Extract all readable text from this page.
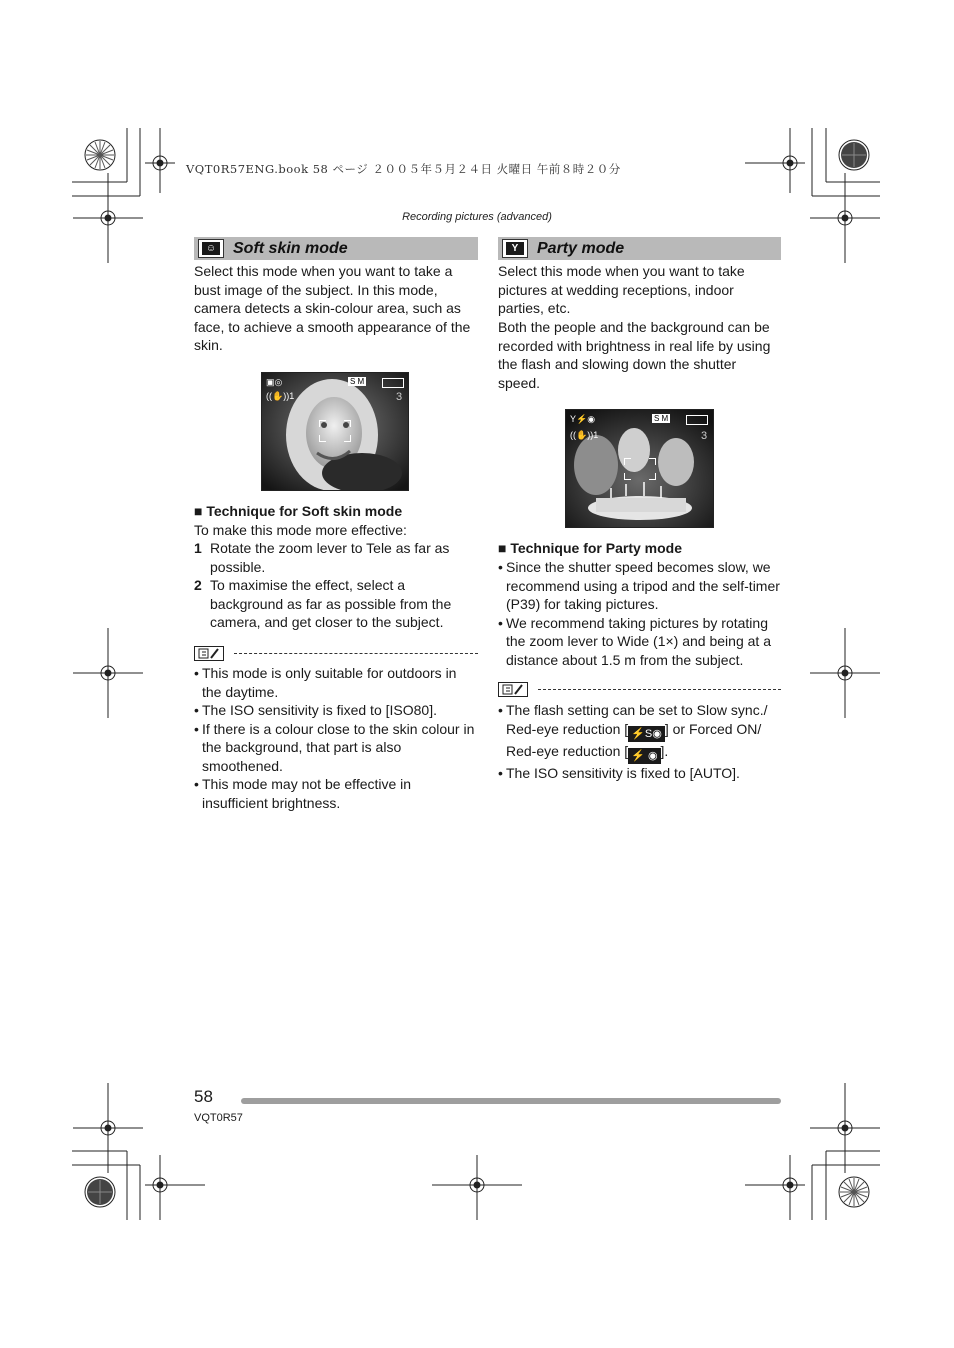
VQT0R57ENG.book 58 ページ ２００５年５月２４日 火曜日 午前８時２０分
Recording pictures (advanced)
☺ Soft skin mode

Select this mode when you want to take a bust image of the subject. In this mode, camera detects a skin-colour area, such as face, to achieve a smooth appearance of the skin.

▣◎	S M
((✋))1	3
■ Technique for Soft skin mode
To make this mode more effective:
1 Rotate the zoom lever to Tele as far as possible.
2 To maximise the effect, select a background as far as possible from the camera, and get closer to the subject.
• This mode is only suitable for outdoors in the daytime.
• The ISO sensitivity is fixed to [ISO80].
• If there is a colour close to the skin colour in the background, that part is also smoothened.
• This mode may not be effective in insufficient brightness.
Y	Party mode

Select this mode when you want to take pictures at wedding receptions, indoor parties, etc.

Both the people and the background can be recorded with brightness in real life by using the flash and slowing down the shutter speed.

Y⚡◉	S M
((✋))1	3
■ Technique for Party mode
• Since the shutter speed becomes slow, we recommend using a tripod and the self-timer (P39) for taking pictures.
• We recommend taking pictures by rotating the zoom lever to Wide (1×) and being at a distance about 1.5 m from the subject.
• The flash setting can be set to Slow sync./ Red-eye reduction [ ⚡S◉ ] or Forced ON/ Red-eye reduction [ ⚡ ◉ ].
• The ISO sensitivity is fixed to [AUTO].
58
VQT0R57
